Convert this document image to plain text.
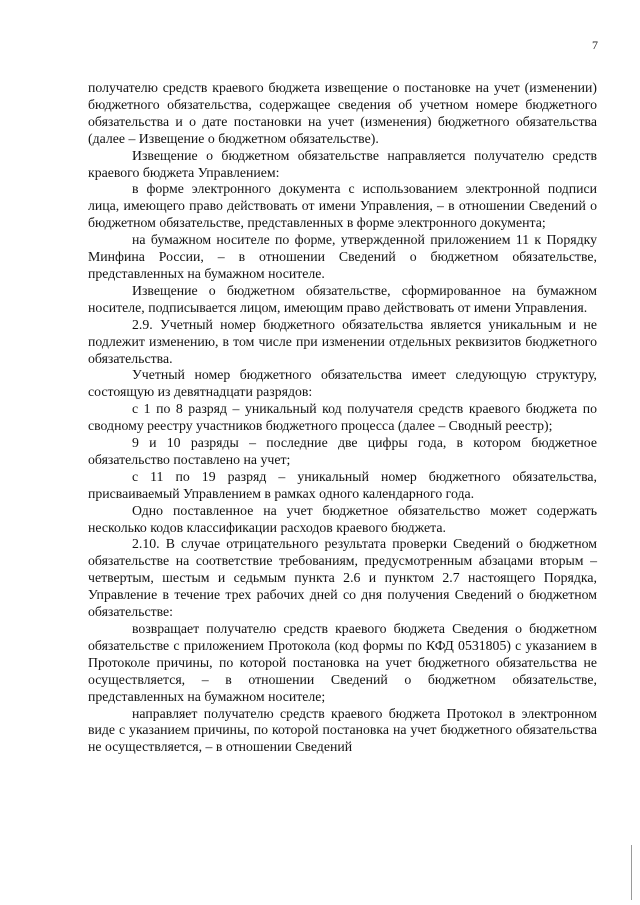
7

получателю средств краевого бюджета извещение о постановке на учет (изменении) бюджетного обязательства, содержащее сведения об учетном номере бюджетного обязательства и о дате постановки на учет (изменения) бюджетного обязательства (далее – Извещение о бюджетном обязательстве).

Извещение о бюджетном обязательстве направляется получателю средств краевого бюджета Управлением:

в форме электронного документа с использованием электронной подписи лица, имеющего право действовать от имени Управления, – в отношении Сведений о бюджетном обязательстве, представленных в форме электронного документа;

на бумажном носителе по форме, утвержденной приложением 11 к Порядку Минфина России, – в отношении Сведений о бюджетном обязательстве, представленных на бумажном носителе.

Извещение о бюджетном обязательстве, сформированное на бумажном носителе, подписывается лицом, имеющим право действовать от имени Управления.

2.9. Учетный номер бюджетного обязательства является уникальным и не подлежит изменению, в том числе при изменении отдельных реквизитов бюджетного обязательства.

Учетный номер бюджетного обязательства имеет следующую структуру, состоящую из девятнадцати разрядов:

с 1 по 8 разряд – уникальный код получателя средств краевого бюджета по сводному реестру участников бюджетного процесса (далее – Сводный реестр);

9 и 10 разряды – последние две цифры года, в котором бюджетное обязательство поставлено на учет;

с 11 по 19 разряд – уникальный номер бюджетного обязательства, присваиваемый Управлением в рамках одного календарного года.

Одно поставленное на учет бюджетное обязательство может содержать несколько кодов классификации расходов краевого бюджета.

2.10. В случае отрицательного результата проверки Сведений о бюджетном обязательстве на соответствие требованиям, предусмотренным абзацами вторым – четвертым, шестым и седьмым пункта 2.6 и пунктом 2.7 настоящего Порядка, Управление в течение трех рабочих дней со дня получения Сведений о бюджетном обязательстве:

возвращает получателю средств краевого бюджета Сведения о бюджетном обязательстве с приложением Протокола (код формы по КФД 0531805) с указанием в Протоколе причины, по которой постановка на учет бюджетного обязательства не осуществляется, – в отношении Сведений о бюджетном обязательстве, представленных на бумажном носителе;

направляет получателю средств краевого бюджета Протокол в электронном виде с указанием причины, по которой постановка на учет бюджетного обязательства не осуществляется, – в отношении Сведений
